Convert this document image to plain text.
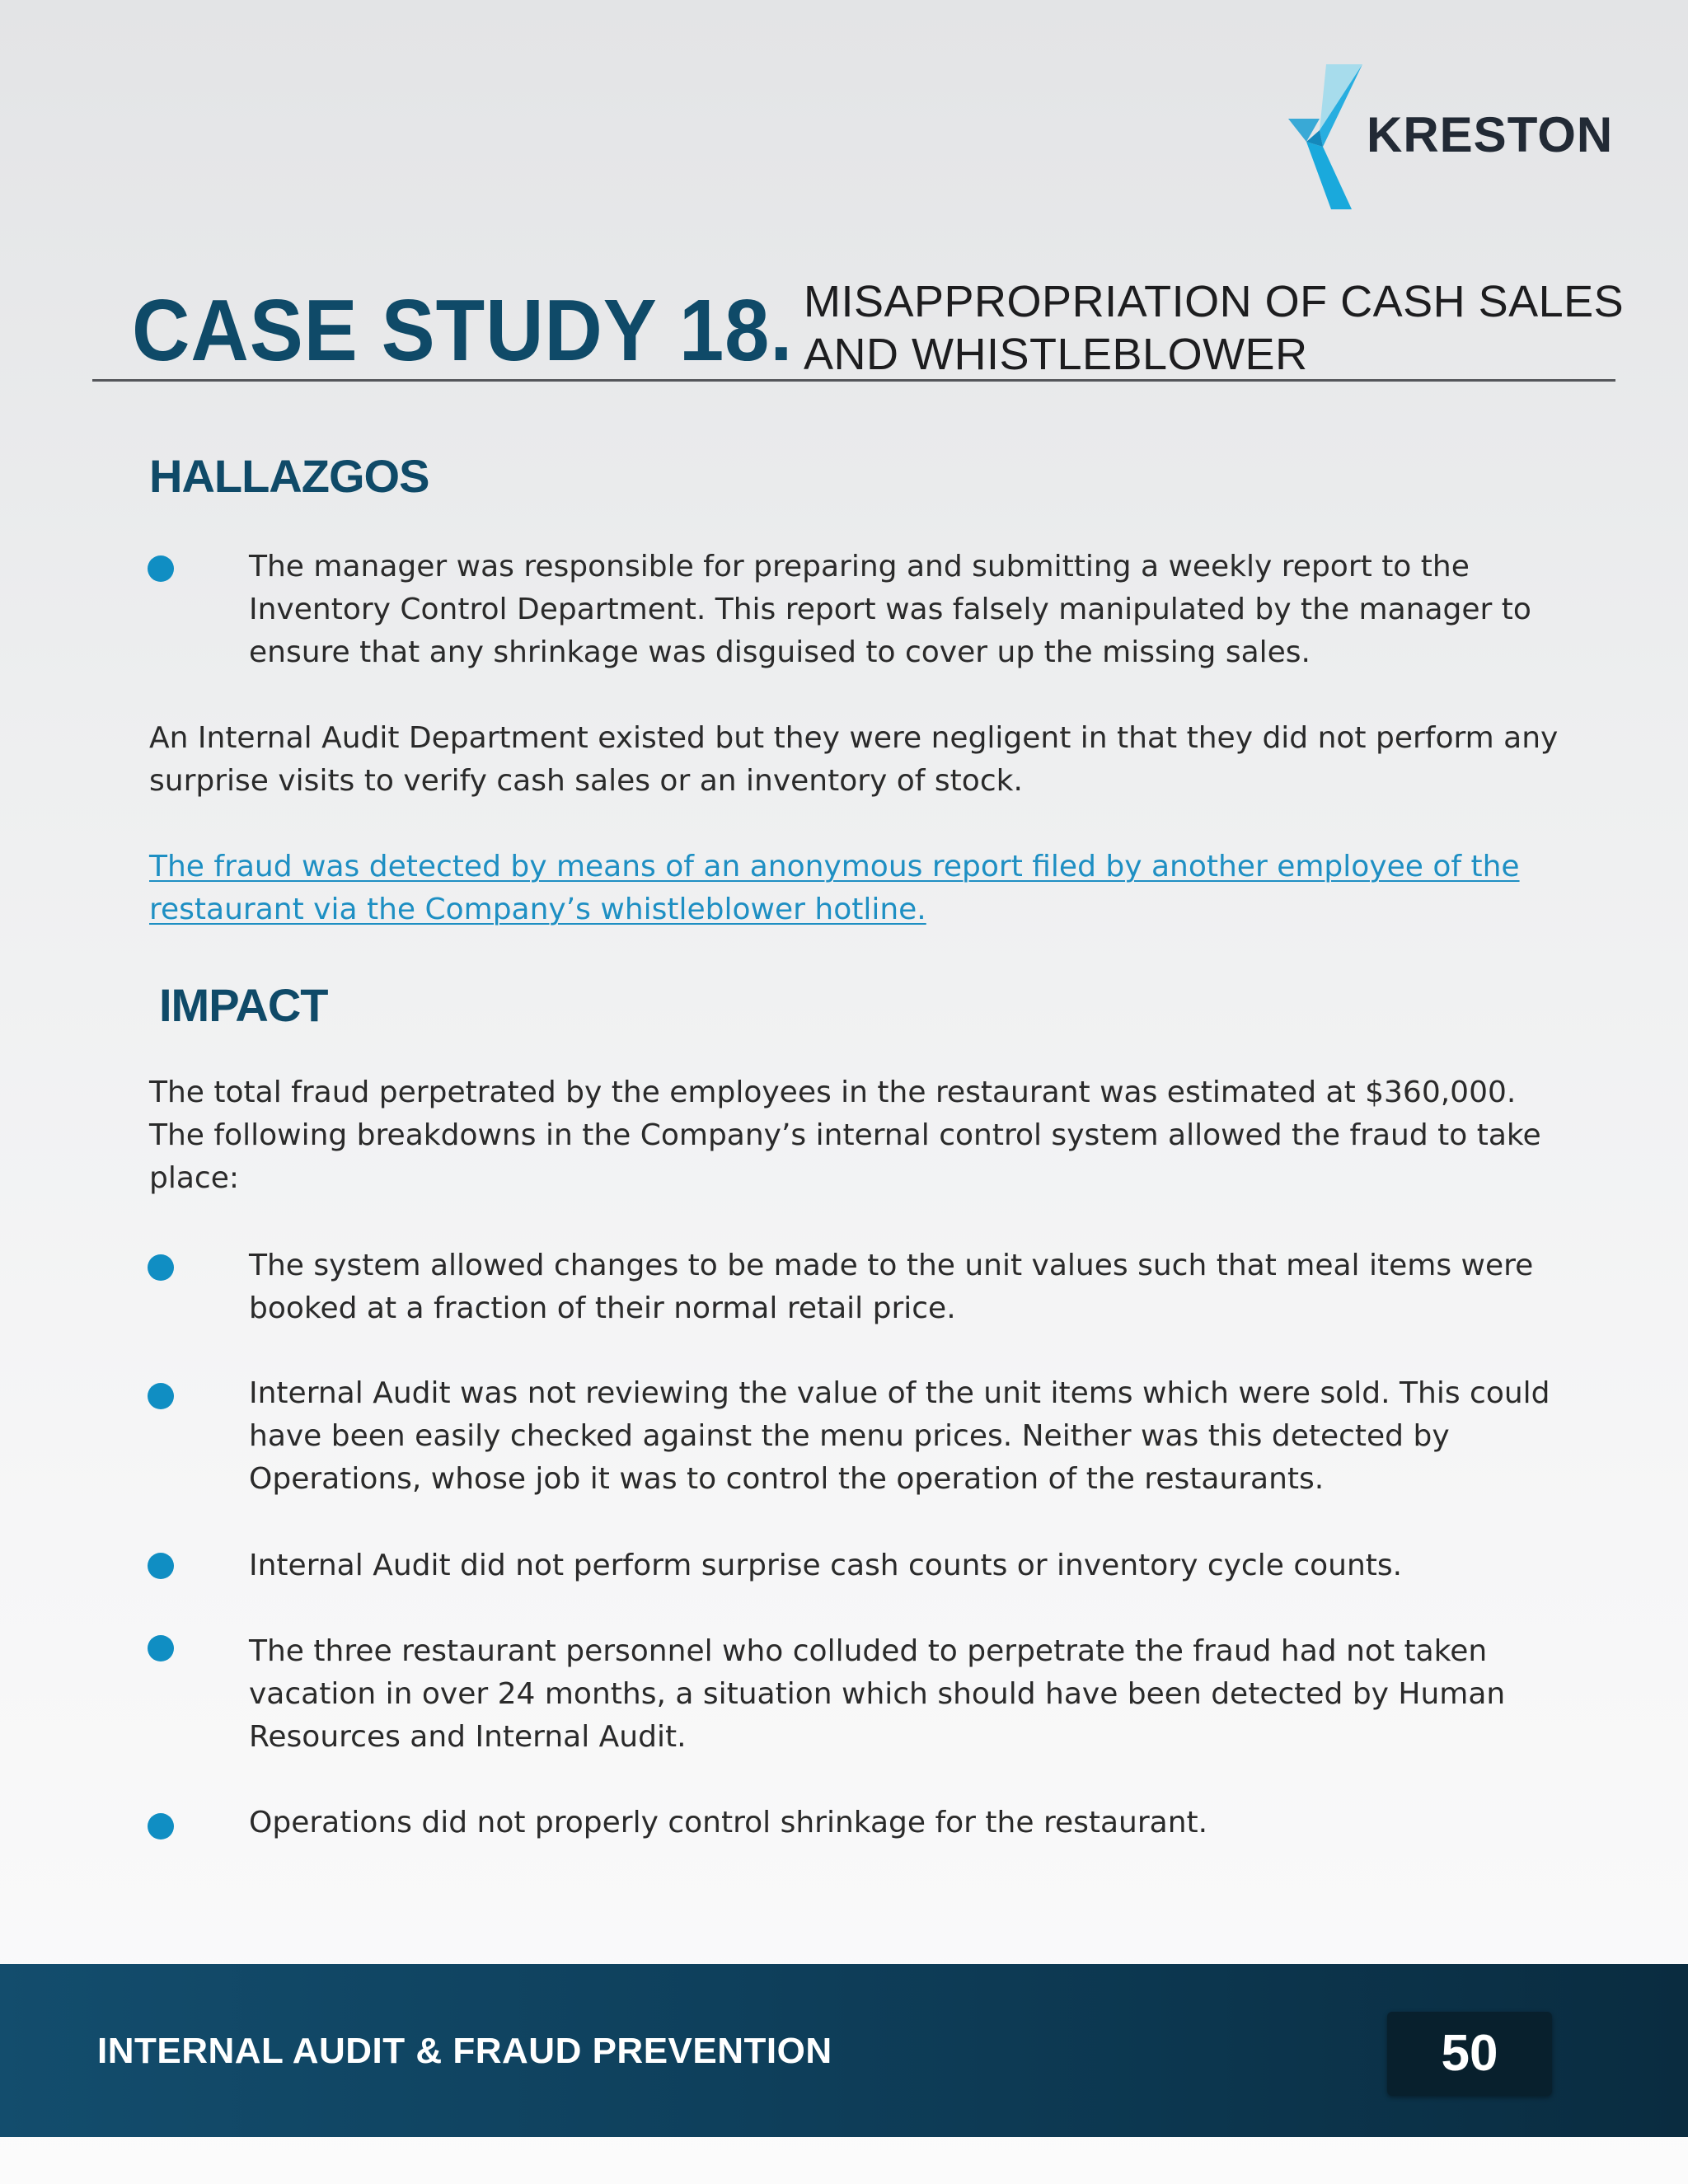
KRESTON
CASE STUDY 18. MISAPPROPRIATION OF CASH SALES
AND WHISTLEBLOWER
HALLAZGOS

The manager was responsible for preparing and submitting a weekly report to the Inventory Control Department. This report was falsely manipulated by the manager to ensure that any shrinkage was disguised to cover up the missing sales.

An Internal Audit Department existed but they were negligent in that they did not perform any surprise visits to verify cash sales or an inventory of stock.

The fraud was detected by means of an anonymous report filed by another employee of the restaurant via the Company’s whistleblower hotline.

IMPACT

The total fraud perpetrated by the employees in the restaurant was estimated at $360,000. The following breakdowns in the Company’s internal control system allowed the fraud to take place:

The system allowed changes to be made to the unit values such that meal items were booked at a fraction of their normal retail price.

Internal Audit was not reviewing the value of the unit items which were sold. This could have been easily checked against the menu prices. Neither was this detected by Operations, whose job it was to control the operation of the restaurants.

Internal Audit did not perform surprise cash counts or inventory cycle counts.

The three restaurant personnel who colluded to perpetrate the fraud had not taken vacation in over 24 months, a situation which should have been detected by Human Resources and Internal Audit.

Operations did not properly control shrinkage for the restaurant.

INTERNAL AUDIT & FRAUD PREVENTION	50
